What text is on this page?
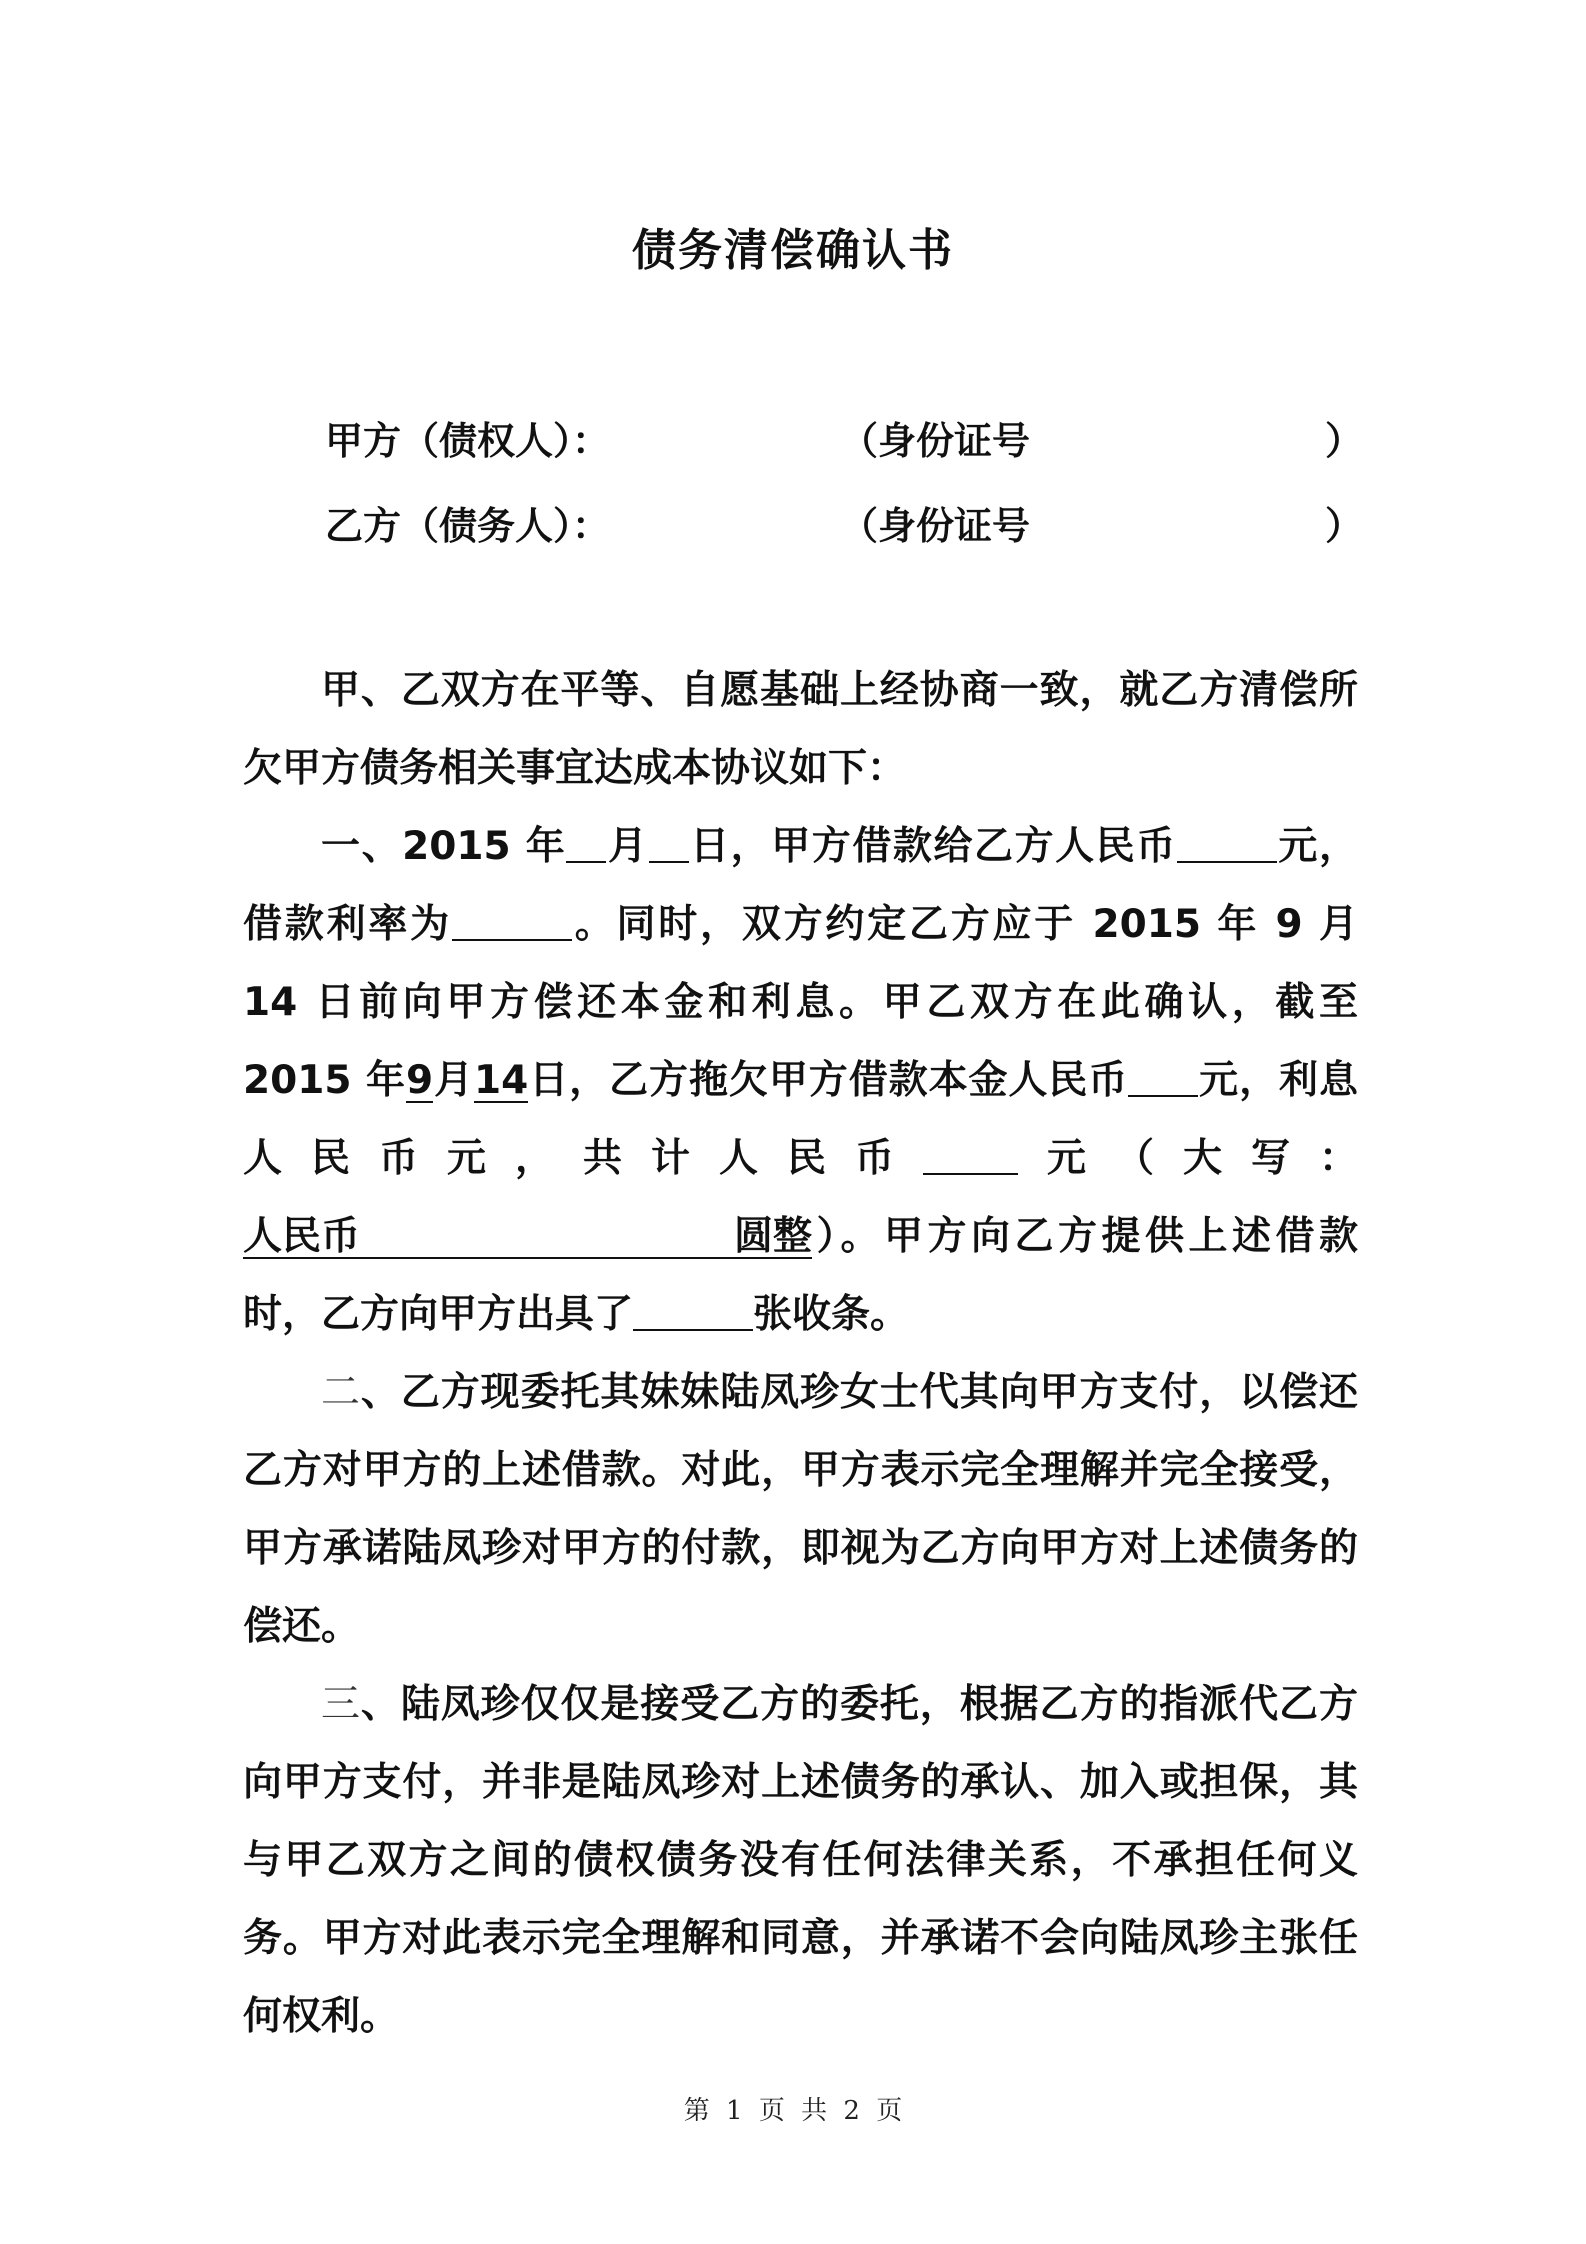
债务清偿确认书
甲方（债权人）：	（身份证号	）
乙方（债务人）：	（身份证号	）

甲、乙双方在平等、自愿基础上经协商一致，就乙方清偿所欠甲方债务相关事宜达成本协议如下：

一、2015 年 月 日，甲方借款给乙方人民币	元，借款利率为	。同时，双方约定乙方应于 2015 年 9 月 14 日前向甲方偿还本金和利息。甲乙双方在此确认，截至 2015 年9月14日，乙方拖欠甲方借款本金人民币 元，利息人民币元，共计人民币 元（大写：人民币	圆 整）。甲方向乙方提供上述借款时，乙方向甲方出具了	张收条。

二、乙方现委托其妹妹陆凤珍女士代其向甲方支付，以偿还乙方对甲方的上述借款。对此，甲方表示完全理解并完全接受，甲方承诺陆凤珍对甲方的付款，即视为乙方向甲方对上述债务的偿还。

三、陆凤珍仅仅是接受乙方的委托，根据乙方的指派代乙方向甲方支付，并非是陆凤珍对上述债务的承认、加入或担保，其与甲乙双方之间的债权债务没有任何法律关系，不承担任何义务。甲方对此表示完全理解和同意，并承诺不会向陆凤珍主张任何权利。

第 1 页 共 2 页
